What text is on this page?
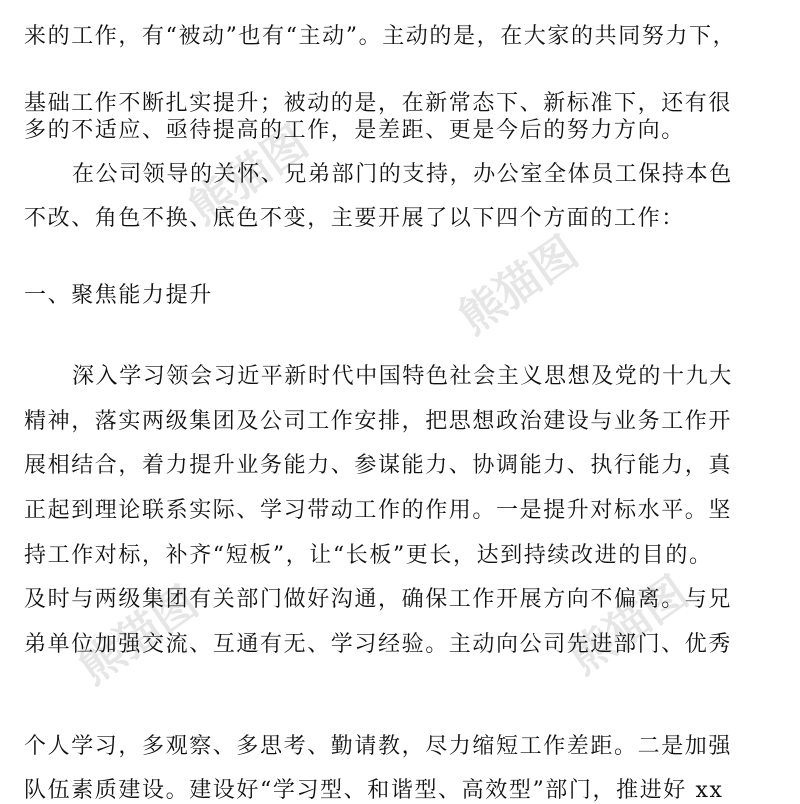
熊猫图
熊猫图
熊猫图	熊猫图
来的工作，有“被动”也有“主动”。主动的是，在大家的共同努力下，
基础工作不断扎实提升；被动的是，在新常态下、新标准下，还有很
多的不适应、亟待提高的工作，是差距、更是今后的努力方向。
在公司领导的关怀、兄弟部门的支持，办公室全体员工保持本色
不改、角色不换、底色不变，主要开展了以下四个方面的工作：
一、聚焦能力提升
深入学习领会习近平新时代中国特色社会主义思想及党的十九大
精神，落实两级集团及公司工作安排，把思想政治建设与业务工作开
展相结合，着力提升业务能力、参谋能力、协调能力、执行能力，真
正起到理论联系实际、学习带动工作的作用。一是提升对标水平。坚
持工作对标，补齐“短板”，让“长板”更长，达到持续改进的目的。
及时与两级集团有关部门做好沟通，确保工作开展方向不偏离。与兄
弟单位加强交流、互通有无、学习经验。主动向公司先进部门、优秀
个人学习，多观察、多思考、勤请教，尽力缩短工作差距。二是加强
队伍素质建设。建设好“学习型、和谐型、高效型”部门，推进好 xx
